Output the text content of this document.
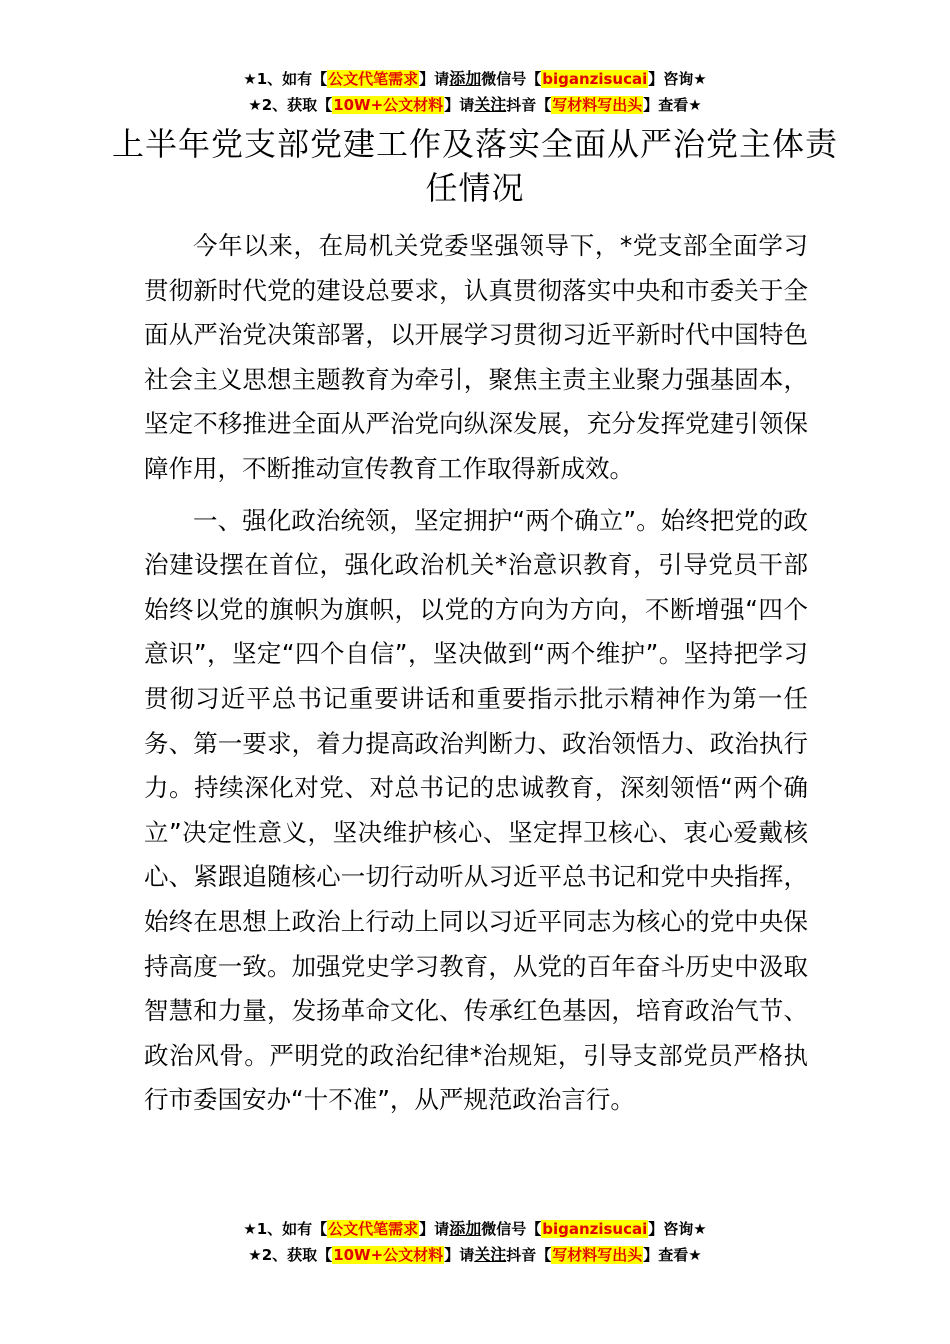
★1、如有【公文代笔需求】请添加微信号【biganzisucai】咨询★
★2、获取【10W+公文材料】请关注抖音【写材料写出头】查看★
上半年党支部党建工作及落实全面从严治党主体责任情况

今年以来，在局机关党委坚强领导下，*党支部全面学习贯彻新时代党的建设总要求，认真贯彻落实中央和市委关于全面从严治党决策部署，以开展学习贯彻习近平新时代中国特色社会主义思想主题教育为牵引，聚焦主责主业聚力强基固本，坚定不移推进全面从严治党向纵深发展，充分发挥党建引领保障作用，不断推动宣传教育工作取得新成效。

一、强化政治统领，坚定拥护“两个确立”。始终把党的政治建设摆在首位，强化政治机关*治意识教育，引导党员干部始终以党的旗帜为旗帜，以党的方向为方向，不断增强“四个意识”，坚定“四个自信”，坚决做到“两个维护”。坚持把学习贯彻习近平总书记重要讲话和重要指示批示精神作为第一任务、第一要求，着力提高政治判断力、政治领悟力、政治执行力。持续深化对党、对总书记的忠诚教育，深刻领悟“两个确立”决定性意义，坚决维护核心、坚定捍卫核心、衷心爱戴核心、紧跟追随核心一切行动听从习近平总书记和党中央指挥，始终在思想上政治上行动上同以习近平同志为核心的党中央保持高度一致。加强党史学习教育，从党的百年奋斗历史中汲取智慧和力量，发扬革命文化、传承红色基因，培育政治气节、政治风骨。严明党的政治纪律*治规矩，引导支部党员严格执行市委国安办“十不准”，从严规范政治言行。

★1、如有【公文代笔需求】请添加微信号【biganzisucai】咨询★
★2、获取【10W+公文材料】请关注抖音【写材料写出头】查看★
